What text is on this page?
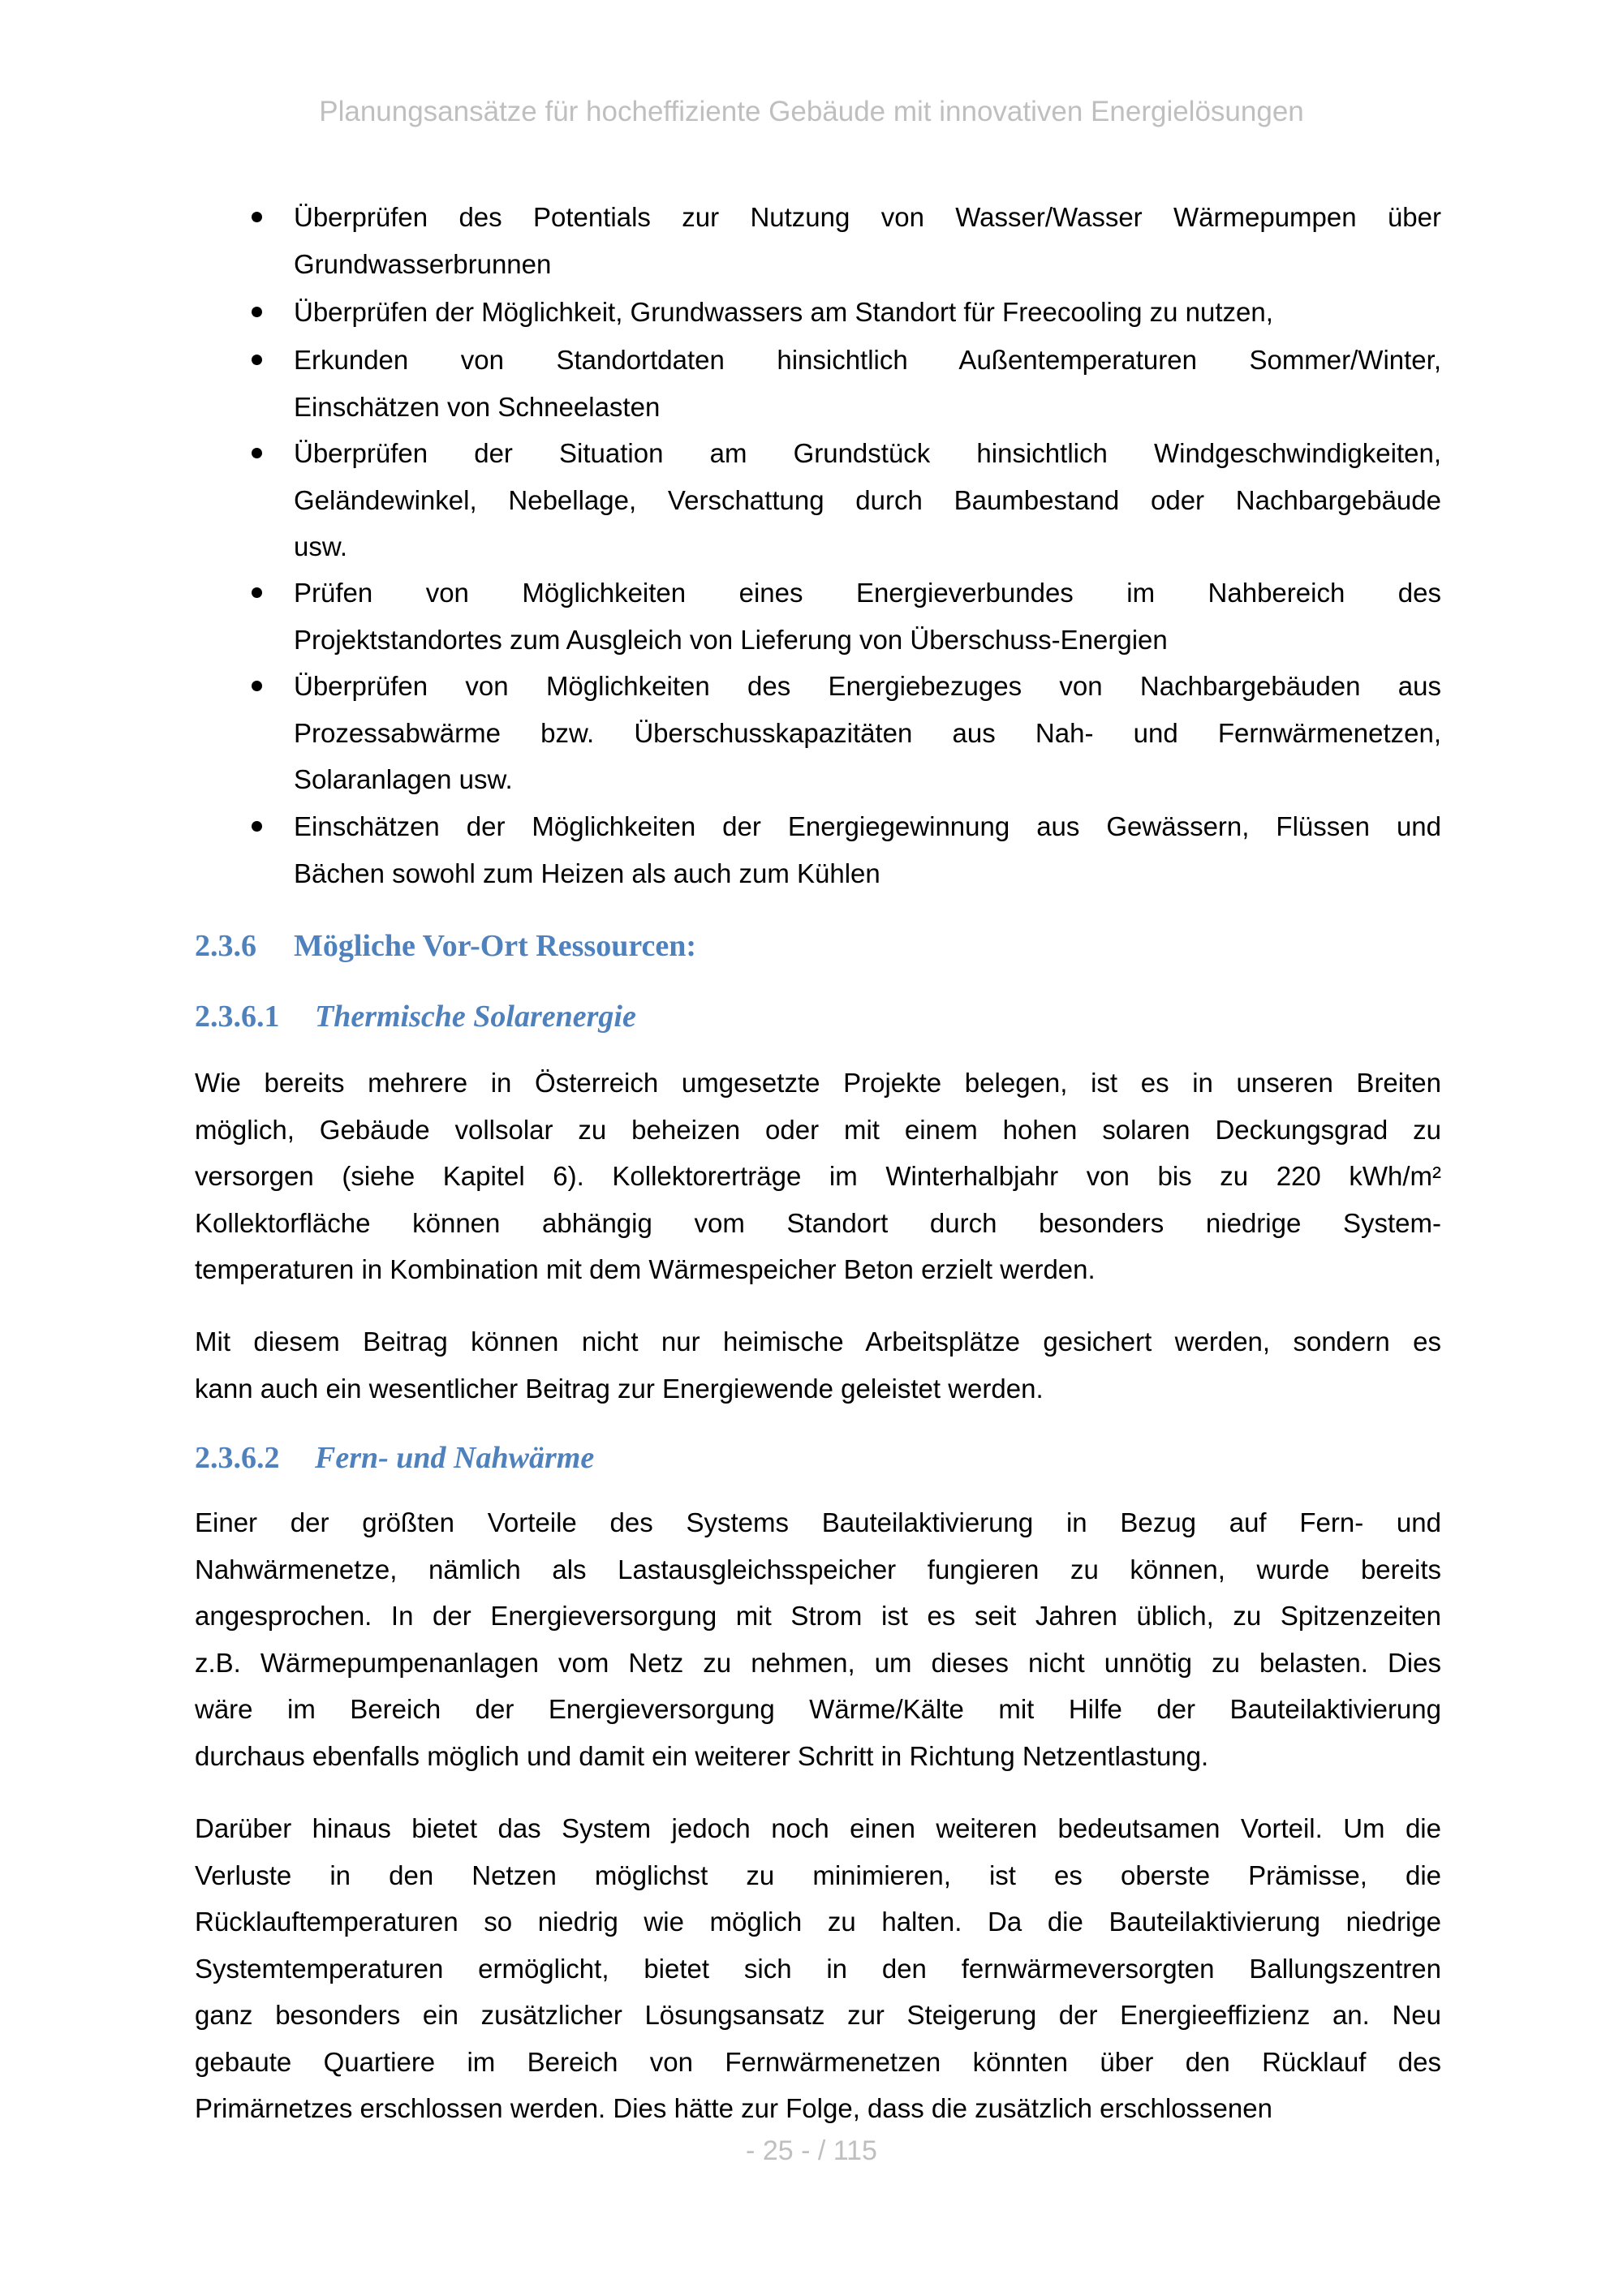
Planungsansätze für hocheffiziente Gebäude mit innovativen Energielösungen
Überprüfen des Potentials zur Nutzung von Wasser/Wasser Wärmepumpen über
Grundwasserbrunnen
Überprüfen der Möglichkeit, Grundwassers am Standort für Freecooling zu nutzen,
Erkunden von Standortdaten hinsichtlich Außentemperaturen Sommer/Winter,
Einschätzen von Schneelasten
Überprüfen der Situation am Grundstück hinsichtlich Windgeschwindigkeiten,
Geländewinkel, Nebellage, Verschattung durch Baumbestand oder Nachbargebäude
usw.
Prüfen von Möglichkeiten eines Energieverbundes im Nahbereich des
Projektstandortes zum Ausgleich von Lieferung von Überschuss-Energien
Überprüfen von Möglichkeiten des Energiebezuges von Nachbargebäuden aus
Prozessabwärme bzw. Überschusskapazitäten aus Nah- und Fernwärmenetzen,
Solaranlagen usw.
Einschätzen der Möglichkeiten der Energiegewinnung aus Gewässern, Flüssen und
Bächen sowohl zum Heizen als auch zum Kühlen
2.3.6 Mögliche Vor-Ort Ressourcen:
2.3.6.1 Thermische Solarenergie
Wie bereits mehrere in Österreich umgesetzte Projekte belegen, ist es in unseren Breiten
möglich, Gebäude vollsolar zu beheizen oder mit einem hohen solaren Deckungsgrad zu
versorgen (siehe Kapitel 6). Kollektorerträge im Winterhalbjahr von bis zu 220 kWh/m²
Kollektorfläche können abhängig vom Standort durch besonders niedrige System-
temperaturen in Kombination mit dem Wärmespeicher Beton erzielt werden.
Mit diesem Beitrag können nicht nur heimische Arbeitsplätze gesichert werden, sondern es
kann auch ein wesentlicher Beitrag zur Energiewende geleistet werden.
2.3.6.2 Fern- und Nahwärme
Einer der größten Vorteile des Systems Bauteilaktivierung in Bezug auf Fern- und
Nahwärmenetze, nämlich als Lastausgleichsspeicher fungieren zu können, wurde bereits
angesprochen. In der Energieversorgung mit Strom ist es seit Jahren üblich, zu Spitzenzeiten
z.B. Wärmepumpenanlagen vom Netz zu nehmen, um dieses nicht unnötig zu belasten. Dies
wäre im Bereich der Energieversorgung Wärme/Kälte mit Hilfe der Bauteilaktivierung
durchaus ebenfalls möglich und damit ein weiterer Schritt in Richtung Netzentlastung.
Darüber hinaus bietet das System jedoch noch einen weiteren bedeutsamen Vorteil. Um die
Verluste in den Netzen möglichst zu minimieren, ist es oberste Prämisse, die
Rücklauftemperaturen so niedrig wie möglich zu halten. Da die Bauteilaktivierung niedrige
Systemtemperaturen ermöglicht, bietet sich in den fernwärmeversorgten Ballungszentren
ganz besonders ein zusätzlicher Lösungsansatz zur Steigerung der Energieeffizienz an. Neu
gebaute Quartiere im Bereich von Fernwärmenetzen könnten über den Rücklauf des
Primärnetzes erschlossen werden. Dies hätte zur Folge, dass die zusätzlich erschlossenen
- 25 - / 115
